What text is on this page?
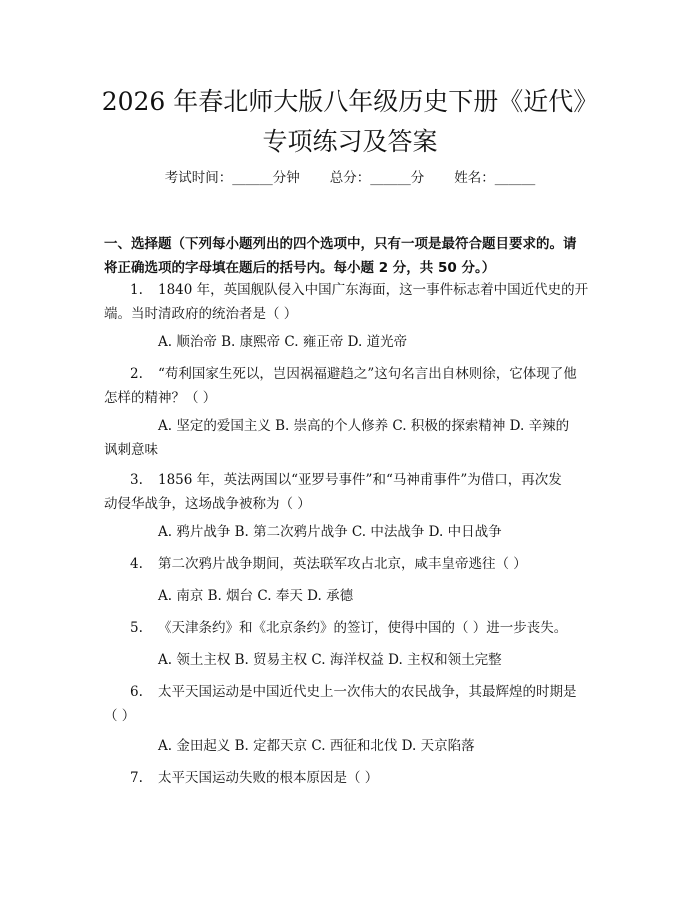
2026 年春北师大版八年级历史下册《近代》
专项练习及答案
考试时间：______分钟 总分：______分 姓名：______
一、选择题（下列每小题列出的四个选项中，只有一项是最符合题目要求的。请
将正确选项的字母填在题后的括号内。每小题 2 分，共 50 分。）
1. 1840 年，英国舰队侵入中国广东海面，这一事件标志着中国近代史的开
端。当时清政府的统治者是（ ）
A. 顺治帝 B. 康熙帝 C. 雍正帝 D. 道光帝
2. “苟利国家生死以，岂因祸福避趋之”这句名言出自林则徐，它体现了他
怎样的精神？（ ）
A. 坚定的爱国主义 B. 崇高的个人修养 C. 积极的探索精神 D. 辛辣的
讽刺意味
3. 1856 年，英法两国以“亚罗号事件”和“马神甫事件”为借口，再次发
动侵华战争，这场战争被称为（ ）
A. 鸦片战争 B. 第二次鸦片战争 C. 中法战争 D. 中日战争
4. 第二次鸦片战争期间，英法联军攻占北京，咸丰皇帝逃往（ ）
A. 南京 B. 烟台 C. 奉天 D. 承德
5. 《天津条约》和《北京条约》的签订，使得中国的（ ）进一步丧失。
A. 领土主权 B. 贸易主权 C. 海洋权益 D. 主权和领土完整
6. 太平天国运动是中国近代史上一次伟大的农民战争，其最辉煌的时期是
（ ）
A. 金田起义 B. 定都天京 C. 西征和北伐 D. 天京陷落
7. 太平天国运动失败的根本原因是（ ）
